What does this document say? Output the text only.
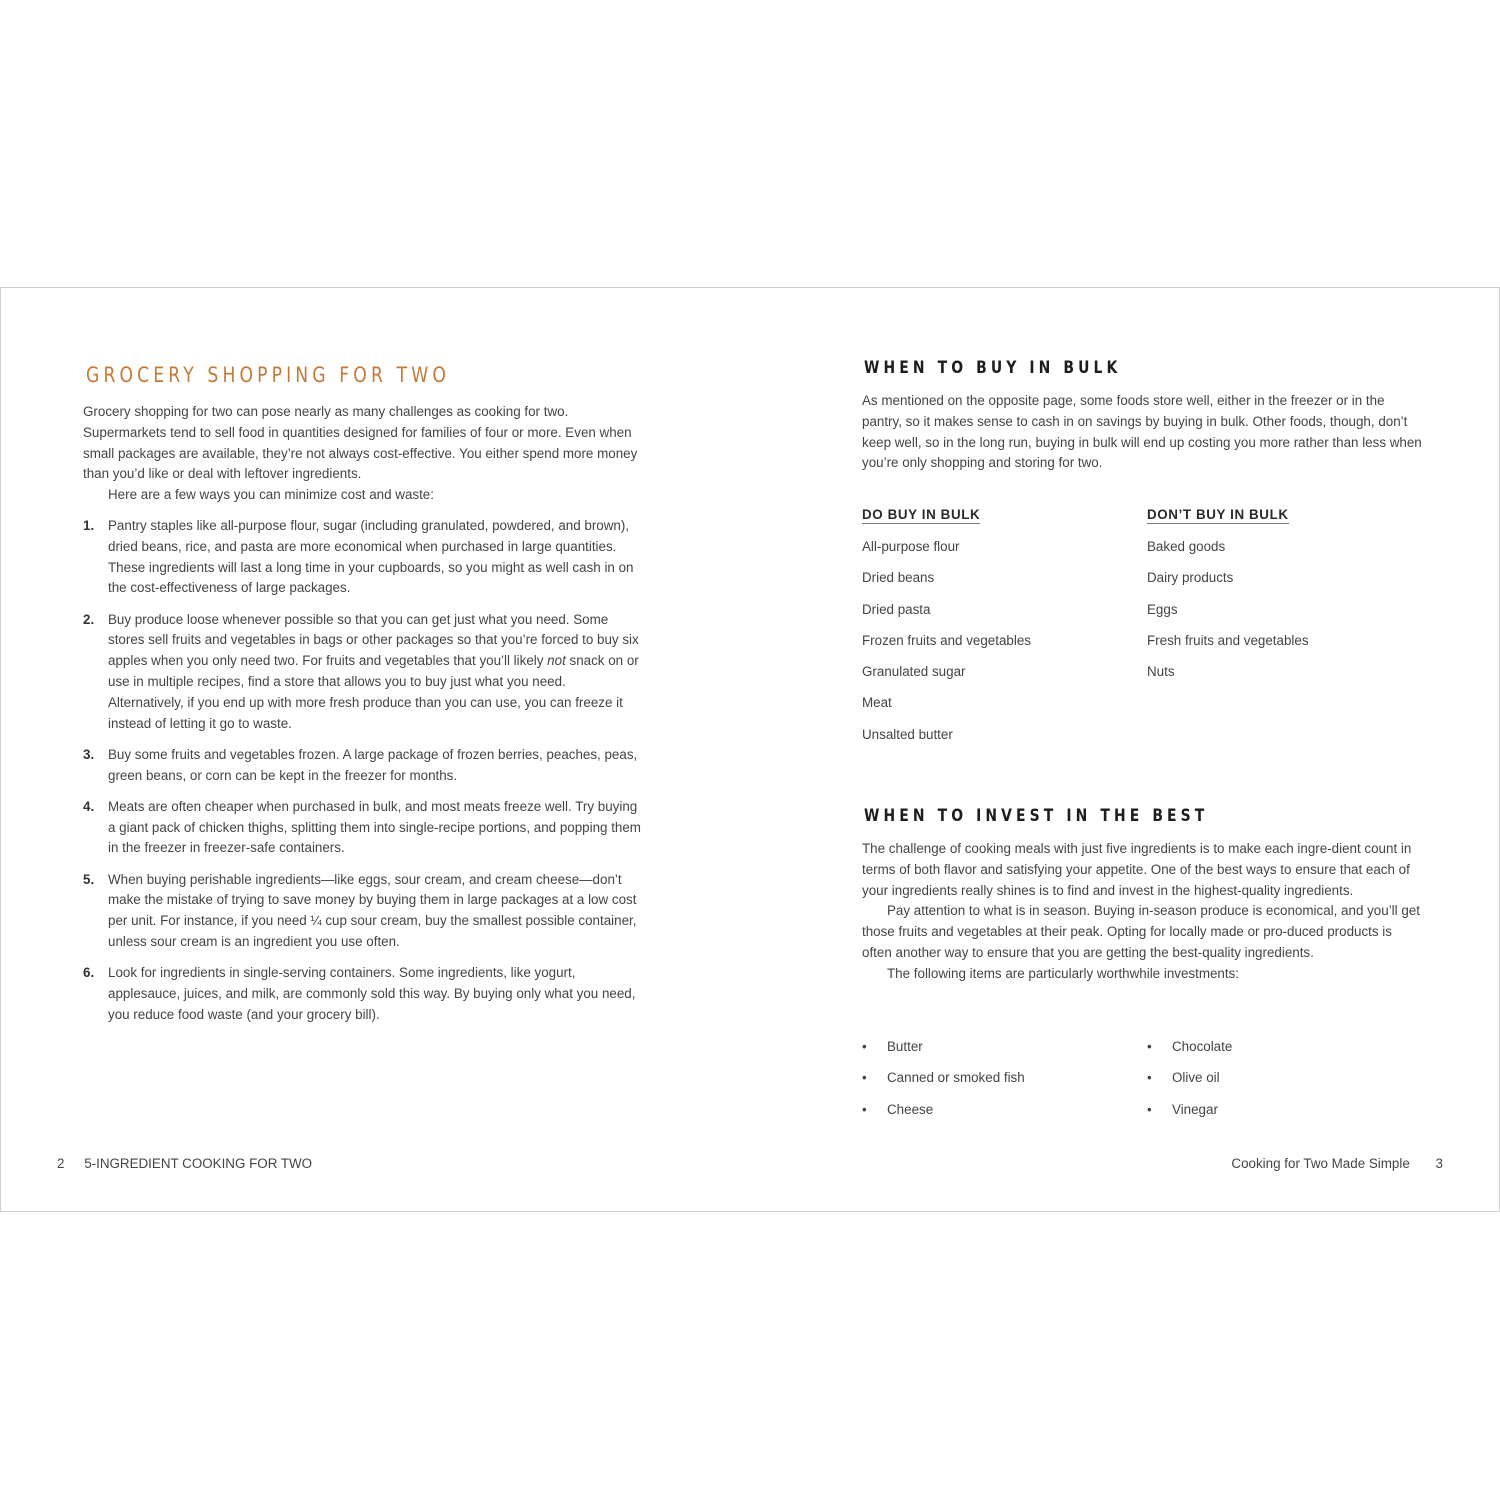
GROCERY SHOPPING FOR TWO

Grocery shopping for two can pose nearly as many challenges as cooking for two. Supermarkets tend to sell food in quantities designed for families of four or more. Even when small packages are available, they’re not always cost-effective. You either spend more money than you’d like or deal with leftover ingredients.

Here are a few ways you can minimize cost and waste:

1. Pantry staples like all-purpose flour, sugar (including granulated, powdered, and brown), dried beans, rice, and pasta are more economical when purchased in large quantities. These ingredients will last a long time in your cupboards, so you might as well cash in on the cost-effectiveness of large packages.
2. Buy produce loose whenever possible so that you can get just what you need. Some stores sell fruits and vegetables in bags or other packages so that you’re forced to buy six apples when you only need two. For fruits and vegetables that you’ll likely not snack on or use in multiple recipes, find a store that allows you to buy just what you need. Alternatively, if you end up with more fresh produce than you can use, you can freeze it instead of letting it go to waste.
3. Buy some fruits and vegetables frozen. A large package of frozen berries, peaches, peas, green beans, or corn can be kept in the freezer for months.
4. Meats are often cheaper when purchased in bulk, and most meats freeze well. Try buying a giant pack of chicken thighs, splitting them into single-recipe portions, and popping them in the freezer in freezer-safe containers.
5. When buying perishable ingredients—like eggs, sour cream, and cream cheese—don’t make the mistake of trying to save money by buying them in large packages at a low cost per unit. For instance, if you need ¼ cup sour cream, buy the smallest possible container, unless sour cream is an ingredient you use often.
6. Look for ingredients in single-serving containers. Some ingredients, like yogurt, applesauce, juices, and milk, are commonly sold this way. By buying only what you need, you reduce food waste (and your grocery bill).
2 5-INGREDIENT COOKING FOR TWO
WHEN TO BUY IN BULK

As mentioned on the opposite page, some foods store well, either in the freezer or in the pantry, so it makes sense to cash in on savings by buying in bulk. Other foods, though, don’t keep well, so in the long run, buying in bulk will end up costing you more rather than less when you’re only shopping and storing for two.

DO BUY IN BULK
All-purpose flour
Dried beans
Dried pasta
Frozen fruits and vegetables
Granulated sugar
Meat
Unsalted butter
DON’T BUY IN BULK
Baked goods
Dairy products
Eggs
Fresh fruits and vegetables
Nuts
WHEN TO INVEST IN THE BEST

The challenge of cooking meals with just five ingredients is to make each ingre-dient count in terms of both flavor and satisfying your appetite. One of the best ways to ensure that each of your ingredients really shines is to find and invest in the highest-quality ingredients.

Pay attention to what is in season. Buying in-season produce is economical, and you’ll get those fruits and vegetables at their peak. Opting for locally made or pro-duced products is often another way to ensure that you are getting the best-quality ingredients.

The following items are particularly worthwhile investments:

• Butter
• Canned or smoked fish
• Cheese
• Chocolate
• Olive oil
• Vinegar
Cooking for Two Made Simple 3
